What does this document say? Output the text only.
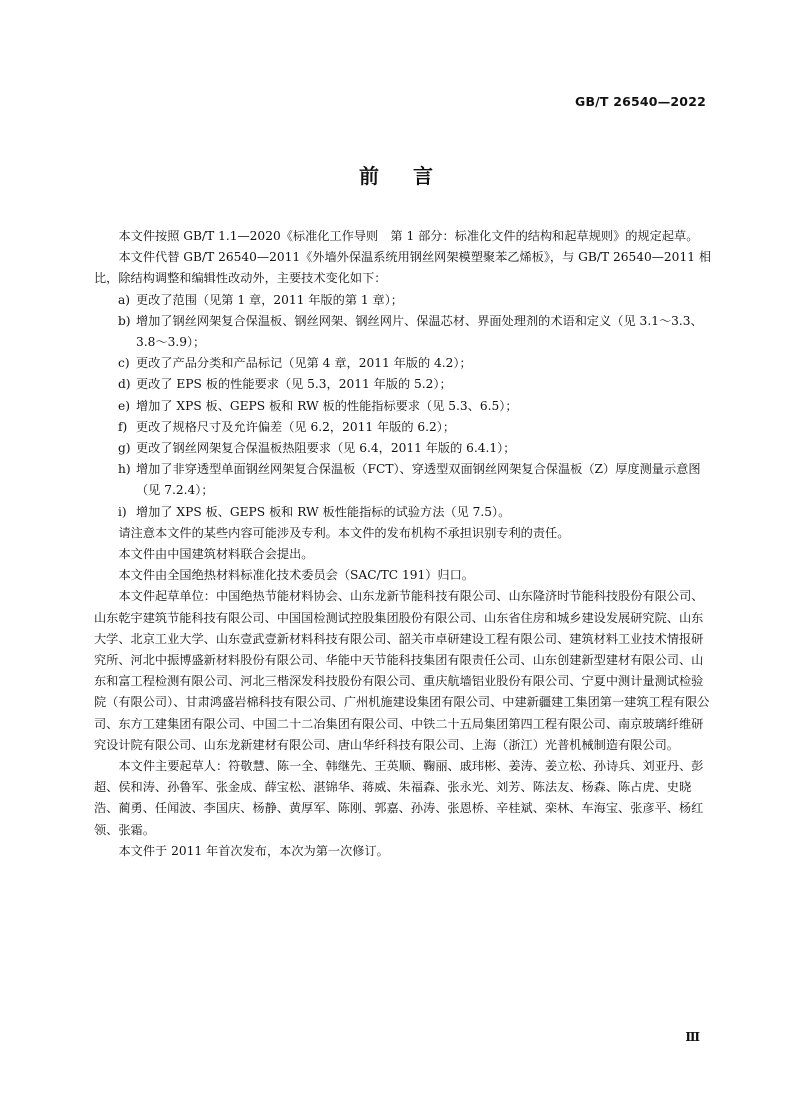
GB/T 26540—2022
前言

本文件按照 GB/T 1.1—2020《标准化工作导则　第 1 部分：标准化文件的结构和起草规则》的规定起草。

本文件代替 GB/T 26540—2011《外墙外保温系统用钢丝网架模塑聚苯乙烯板》，与 GB/T 26540—2011 相比，除结构调整和编辑性改动外，主要技术变化如下：

a) 更改了范围（见第 1 章，2011 年版的第 1 章）；
b) 增加了钢丝网架复合保温板、钢丝网架、钢丝网片、保温芯材、界面处理剂的术语和定义（见 3.1～3.3、3.8～3.9）；
c) 更改了产品分类和产品标记（见第 4 章，2011 年版的 4.2）；
d) 更改了 EPS 板的性能要求（见 5.3，2011 年版的 5.2）；
e) 增加了 XPS 板、GEPS 板和 RW 板的性能指标要求（见 5.3、6.5）；
f) 更改了规格尺寸及允许偏差（见 6.2，2011 年版的 6.2）；
g) 更改了钢丝网架复合保温板热阻要求（见 6.4，2011 年版的 6.4.1）；
h) 增加了非穿透型单面钢丝网架复合保温板（FCT）、穿透型双面钢丝网架复合保温板（Z）厚度测量示意图（见 7.2.4）；
i) 增加了 XPS 板、GEPS 板和 RW 板性能指标的试验方法（见 7.5）。

请注意本文件的某些内容可能涉及专利。本文件的发布机构不承担识别专利的责任。

本文件由中国建筑材料联合会提出。

本文件由全国绝热材料标准化技术委员会（SAC/TC 191）归口。

本文件起草单位：中国绝热节能材料协会、山东龙新节能科技有限公司、山东隆济时节能科技股份有限公司、山东乾宇建筑节能科技有限公司、中国国检测试控股集团股份有限公司、山东省住房和城乡建设发展研究院、山东大学、北京工业大学、山东壹武壹新材料科技有限公司、韶关市卓研建设工程有限公司、建筑材料工业技术情报研究所、河北中振博盛新材料股份有限公司、华能中天节能科技集团有限责任公司、山东创建新型建材有限公司、山东和富工程检测有限公司、河北三楷深发科技股份有限公司、重庆航墙铝业股份有限公司、宁夏中测计量测试检验院（有限公司）、甘肃鸿盛岩棉科技有限公司、广州机施建设集团有限公司、中建新疆建工集团第一建筑工程有限公司、东方工建集团有限公司、中国二十二冶集团有限公司、中铁二十五局集团第四工程有限公司、南京玻璃纤维研究设计院有限公司、山东龙新建材有限公司、唐山华纤科技有限公司、上海（浙江）光普机械制造有限公司。

本文件主要起草人：符敬慧、陈一全、韩继先、王英顺、鞠丽、戚玮彬、姜涛、姜立松、孙诗兵、刘亚丹、彭超、侯和涛、孙鲁军、张金成、薛宝松、湛锦华、蒋威、朱福森、张永光、刘芳、陈法友、杨森、陈占虎、史晓浩、蔺勇、任闻波、李国庆、杨静、黄厚军、陈刚、郭嘉、孙涛、张恩桥、辛桂斌、栾林、车海宝、张彦平、杨红领、张霜。

本文件于 2011 年首次发布，本次为第一次修订。

Ⅲ
